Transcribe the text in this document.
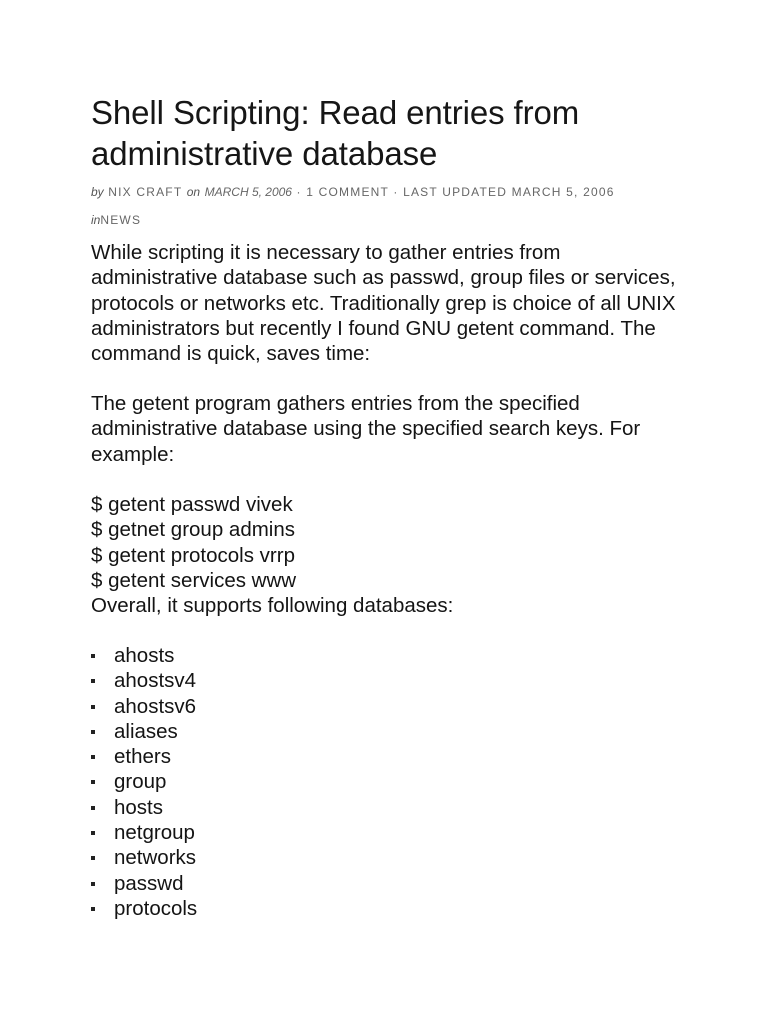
Shell Scripting: Read entries from administrative database
by NIX CRAFT on MARCH 5, 2006 · 1 COMMENT · LAST UPDATED MARCH 5, 2006
inNEWS

While scripting it is necessary to gather entries from administrative database such as passwd, group files or services, protocols or networks etc. Traditionally grep is choice of all UNIX administrators but recently I found GNU getent command. The command is quick, saves time:

The getent program gathers entries from the specified administrative database using the specified search keys. For example:

$ getent passwd vivek
$ getnet group admins
$ getent protocols vrrp
$ getent services www
Overall, it supports following databases:
ahosts
ahostsv4
ahostsv6
aliases
ethers
group
hosts
netgroup
networks
passwd
protocols
